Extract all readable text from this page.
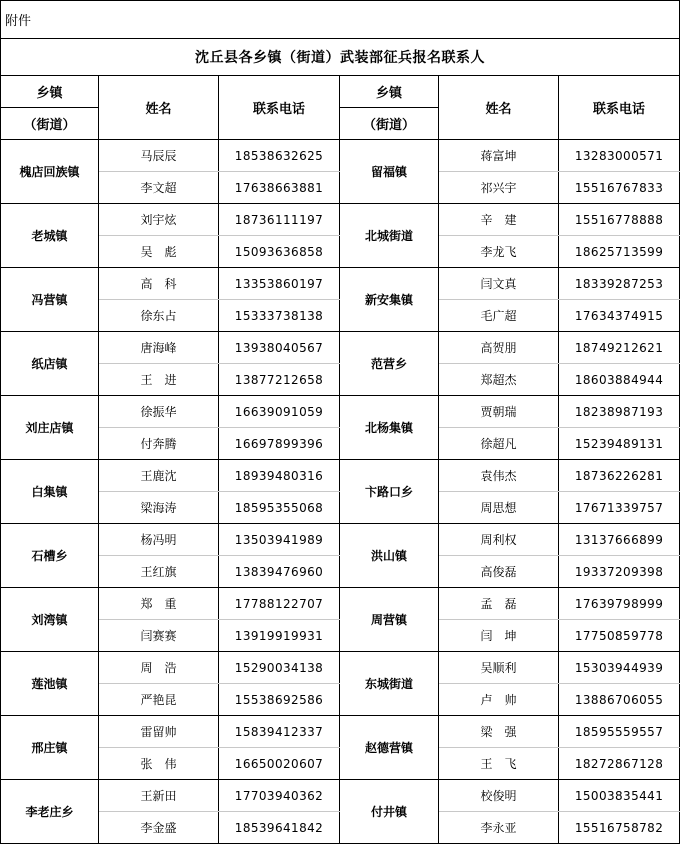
附件					
沈丘县各乡镇（街道）武装部征兵报名联系人					
乡镇	姓名	联系电话	乡镇	姓名	联系电话
（街道）			（街道）		
槐店回族镇	马辰辰	18538632625	留福镇	蒋富坤	13283000571
	李文超	17638663881		祁兴宇	15516767833
老城镇	刘宇炫	18736111197	北城街道	辛　建	15516778888
	吴　彪	15093636858		李龙飞	18625713599
冯营镇	高　科	13353860197	新安集镇	闫文真	18339287253
	徐东占	15333738138		毛广超	17634374915
纸店镇	唐海峰	13938040567	范营乡	高贺朋	18749212621
	王　进	13877212658		郑超杰	18603884944
刘庄店镇	徐振华	16639091059	北杨集镇	贾朝瑞	18238987193
	付奔腾	16697899396		徐超凡	15239489131
白集镇	王鹿沈	18939480316	卞路口乡	袁伟杰	18736226281
	梁海涛	18595355068		周思想	17671339757
石槽乡	杨冯明	13503941989	洪山镇	周利权	13137666899
	王红旗	13839476960		高俊磊	19337209398
刘湾镇	郑　重	17788122707	周营镇	孟　磊	17639798999
	闫赛赛	13919919931		闫　坤	17750859778
莲池镇	周　浩	15290034138	东城街道	吴顺利	15303944939
	严艳昆	15538692586		卢　帅	13886706055
邢庄镇	雷留帅	15839412337	赵德营镇	梁　强	18595559557
	张　伟	16650020607		王　飞	18272867128
李老庄乡	王新田	17703940362	付井镇	校俊明	15003835441
	李金盛	18539641842		李永亚	15516758782
